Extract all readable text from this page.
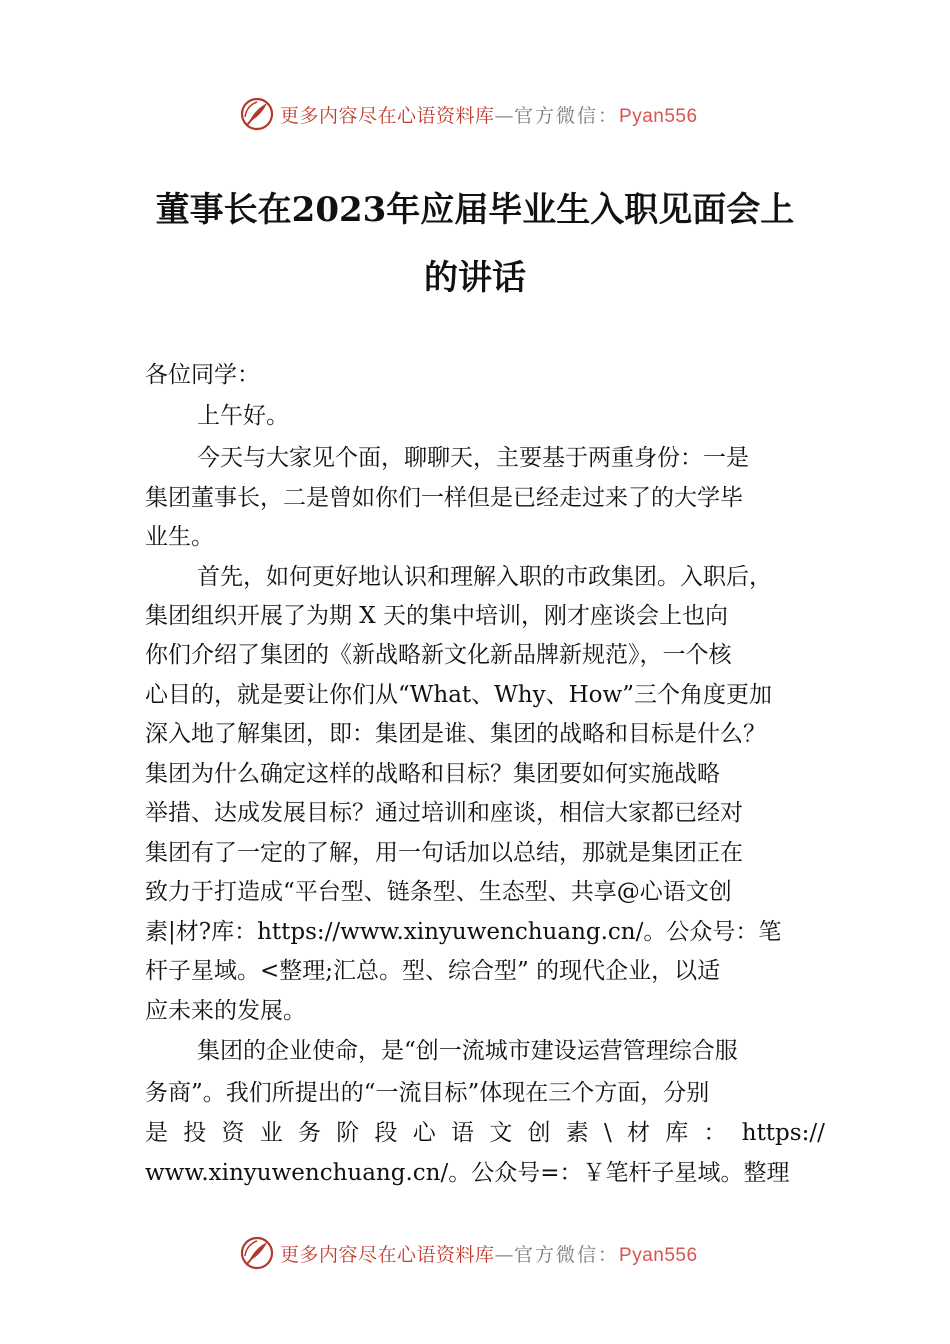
更多内容尽在心语资料库—官方微信：Pyan556
董事长在2023年应届毕业生入职见面会上
的讲话
各位同学：
上午好。
今天与大家见个面，聊聊天，主要基于两重身份：一是
集团董事长，二是曾如你们一样但是已经走过来了的大学毕
业生。
首先，如何更好地认识和理解入职的市政集团。入职后，
集团组织开展了为期 X 天的集中培训，刚才座谈会上也向
你们介绍了集团的《新战略新文化新品牌新规范》，一个核
心目的，就是要让你们从“What、Why、How”三个角度更加
深入地了解集团，即：集团是谁、集团的战略和目标是什么？
集团为什么确定这样的战略和目标？集团要如何实施战略
举措、达成发展目标？通过培训和座谈，相信大家都已经对
集团有了一定的了解，用一句话加以总结，那就是集团正在
致力于打造成“平台型、链条型、生态型、共享@心语文创
素|材?库：https://www.xinyuwenchuang.cn/。公众号：笔
杆子星域。<整理;汇总。型、综合型” 的现代企业，以适
应未来的发展。
集团的企业使命，是“创一流城市建设运营管理综合服
务商”。我们所提出的“一流目标”体现在三个方面，分别
是 投 资 业 务 阶 段 心 语 文 创 素 \ 材 库 ： https://
www.xinyuwenchuang.cn/。公众号=：￥笔杆子星域。整理
更多内容尽在心语资料库—官方微信：Pyan556
